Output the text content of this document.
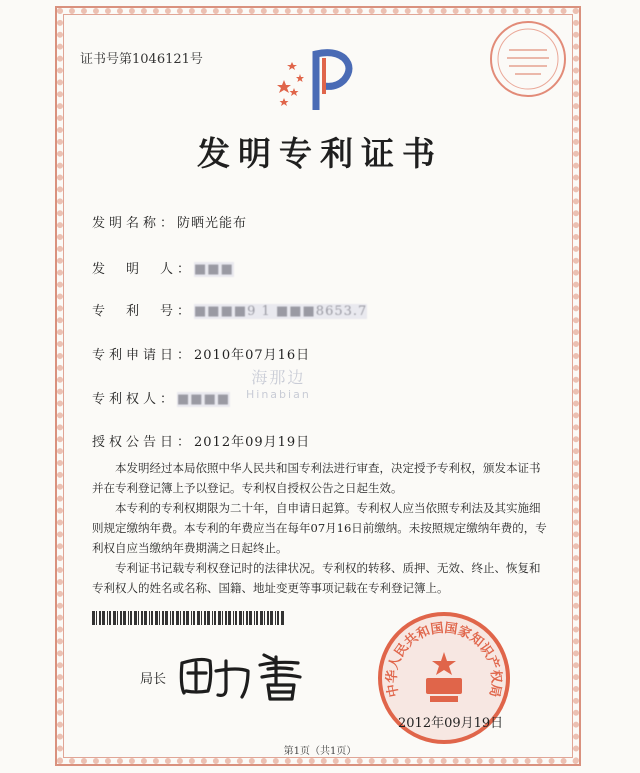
证书号第1046121号
发明专利证书
发明名称：防晒光能布
发　明　人：■■■
专　利　号：■■■■9 1 ■■■8653.7
专利申请日：2010年07月16日
专利权人：■■■■
授权公告日：2012年09月19日
海那边
Hinabian

本发明经过本局依照中华人民共和国专利法进行审查，决定授予专利权，颁发本证书并在专利登记簿上予以登记。专利权自授权公告之日起生效。

本专利的专利权期限为二十年，自申请日起算。专利权人应当依照专利法及其实施细则规定缴纳年费。本专利的年费应当在每年07月16日前缴纳。未按照规定缴纳年费的，专利权自应当缴纳年费期满之日起终止。

专利证书记载专利权登记时的法律状况。专利权的转移、质押、无效、终止、恢复和专利权人的姓名或名称、国籍、地址变更等事项记载在专利登记簿上。

局长
中华人民共和国国家知识产权局
2012年09月19日
第1页（共1页）
